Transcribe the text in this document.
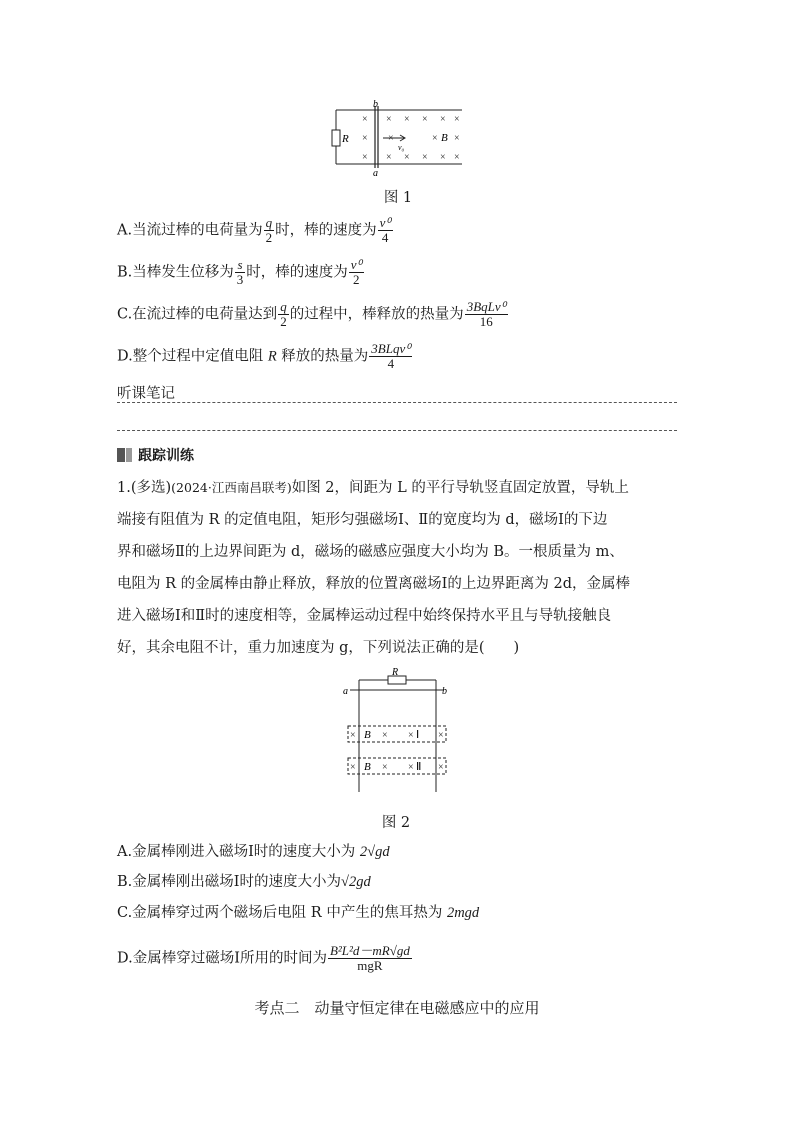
×
×
×
×
×
×
×
×
×
×
×
×
×
×
×
×
b
a
R	B
v₀
图 1
A.当流过棒的电荷量为 $\frac{q}{2}$ 时，棒的速度为 $\frac{\text{v⁰}}{4}$
B.当棒发生位移为 $\frac{s}{3}$ 时，棒的速度为 $\frac{\text{v⁰}}{2}$
C.在流过棒的电荷量达到 $\frac{q}{2}$ 的过程中，棒释放的热量为 $\frac{\text{3BqLv⁰}}{16}$
D.整个过程中定值电阻 R 释放的热量为 $\frac{\text{3BLqv⁰}}{4}$
听课笔记
跟踪训练
1.(多选)(2024·江西南昌联考)如图 2，间距为 L 的平行导轨竖直固定放置，导轨上
端接有阻值为 R 的定值电阻，矩形匀强磁场Ⅰ、Ⅱ的宽度均为 d，磁场Ⅰ的下边
界和磁场Ⅱ的上边界间距为 d，磁场的磁感应强度大小均为 B。一根质量为 m、
电阻为 R 的金属棒由静止释放，释放的位置离磁场Ⅰ的上边界距离为 2d，金属棒
进入磁场Ⅰ和Ⅱ时的速度相等，金属棒运动过程中始终保持水平且与导轨接触良
好，其余电阻不计，重力加速度为 g，下列说法正确的是(　　)
R
a	b
×	× × ×
×	× × ×
B
B
Ⅰ
Ⅱ
图 2
A.金属棒刚进入磁场Ⅰ时的速度大小为 2√gd
B.金属棒刚出磁场Ⅰ时的速度大小为√2gd
C.金属棒穿过两个磁场后电阻 R 中产生的焦耳热为 2mgd
D.金属棒穿过磁场Ⅰ所用的时间为 $\frac{\text{B²L²d－mR√gd}}{\text{mgR}}$
考点二　动量守恒定律在电磁感应中的应用
